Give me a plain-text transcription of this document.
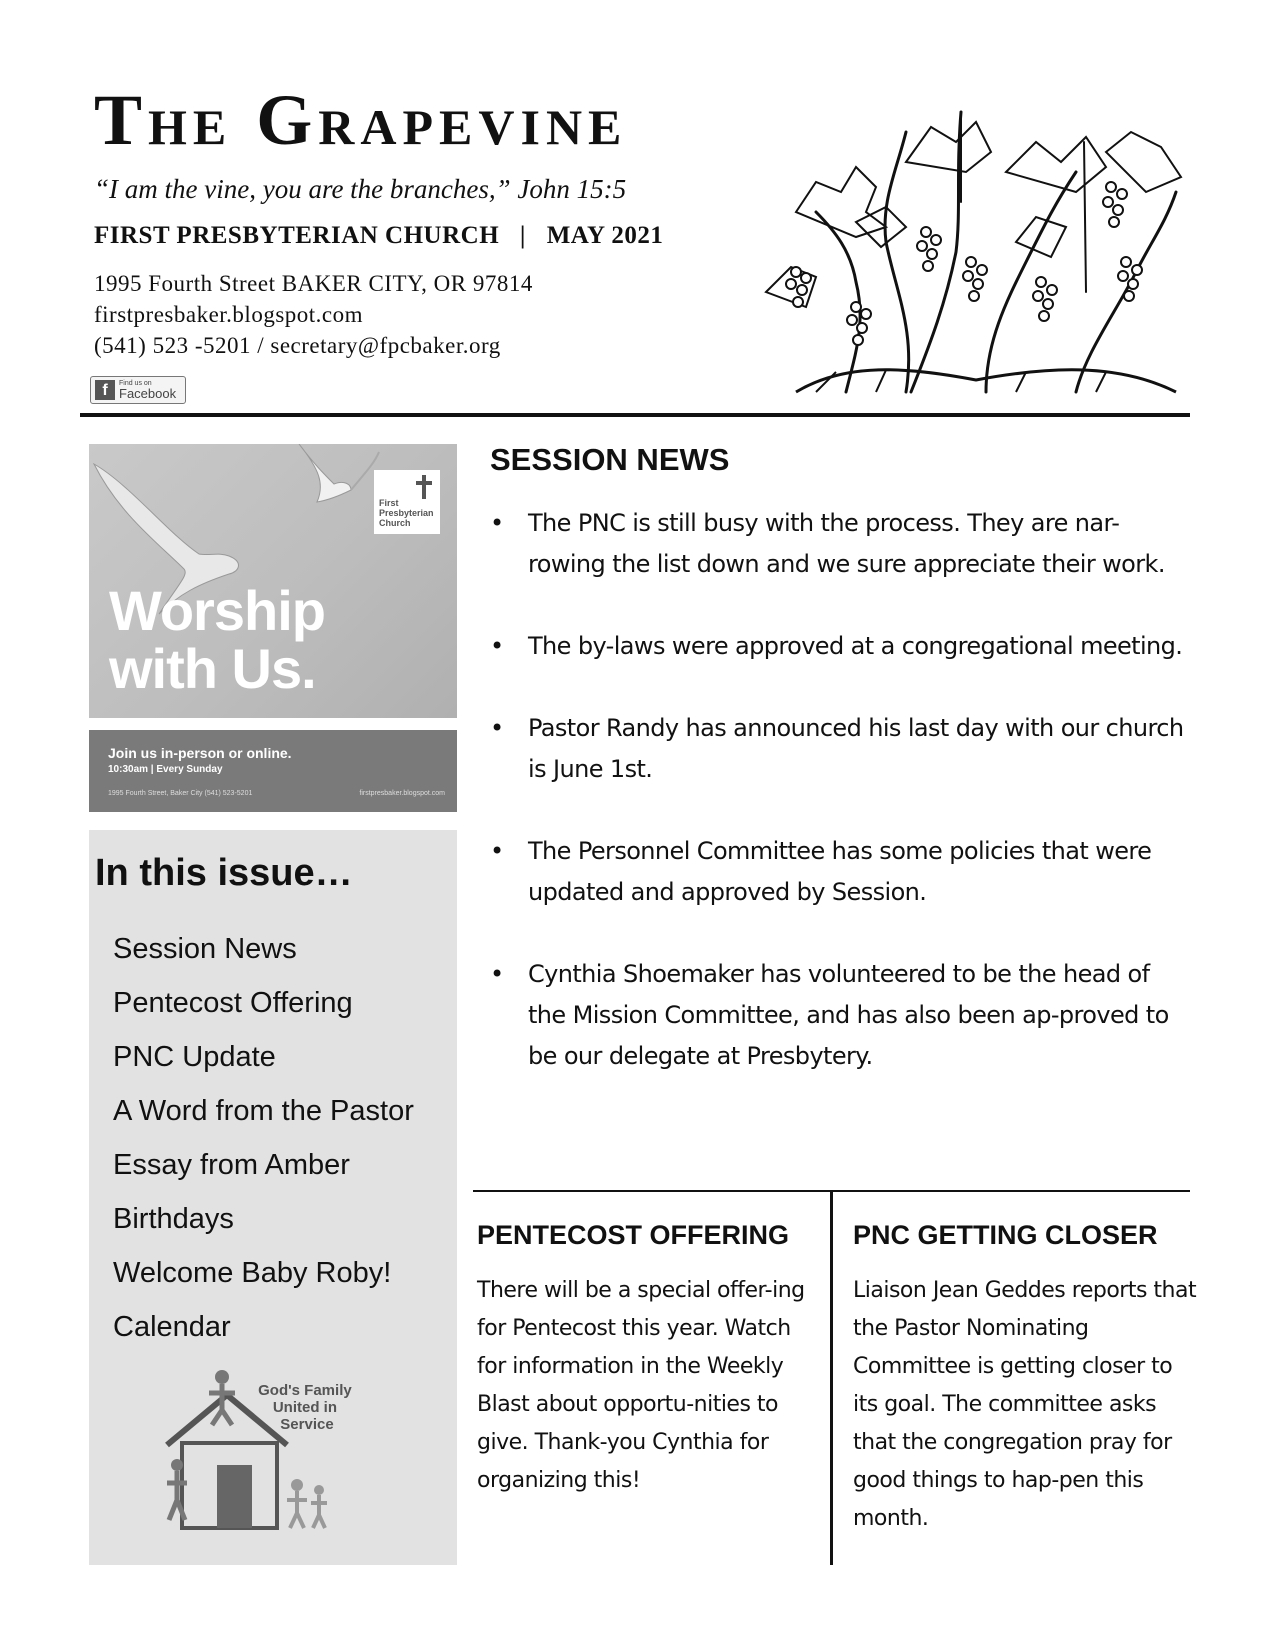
The Grapevine
“I am the vine, you are the branches,” John 15:5
FIRST PRESBYTERIAN CHURCH | MAY 2021
1995 Fourth Street BAKER CITY, OR 97814
firstpresbaker.blogspot.com
(541) 523 -5201 / secretary@fpcbaker.org
f	Find us on
Facebook
First
Presbyterian
Church
Worship
with Us.
Join us in-person or online.
10:30am | Every Sunday
1995 Fourth Street, Baker City (541) 523-5201	firstpresbaker.blogspot.com
In this issue…
Session News
Pentecost Offering
PNC Update
A Word from the Pastor
Essay from Amber
Birthdays
Welcome Baby Roby!
Calendar
God's Family United in Service
SESSION NEWS
• The PNC is still busy with the process. They are nar-rowing the list down and we sure appreciate their work.
• The by-laws were approved at a congregational meeting.
• Pastor Randy has announced his last day with our church is June 1st.
• The Personnel Committee has some policies that were updated and approved by Session.
• Cynthia Shoemaker has volunteered to be the head of the Mission Committee, and has also been ap-proved to be our delegate at Presbytery.
PENTECOST OFFERING

There will be a special offer-ing for Pentecost this year. Watch for information in the Weekly Blast about opportu-nities to give. Thank-you Cynthia for organizing this!

PNC GETTING CLOSER

Liaison Jean Geddes reports that the Pastor Nominating Committee is getting closer to its goal. The committee asks that the congregation pray for good things to hap-pen this month.
